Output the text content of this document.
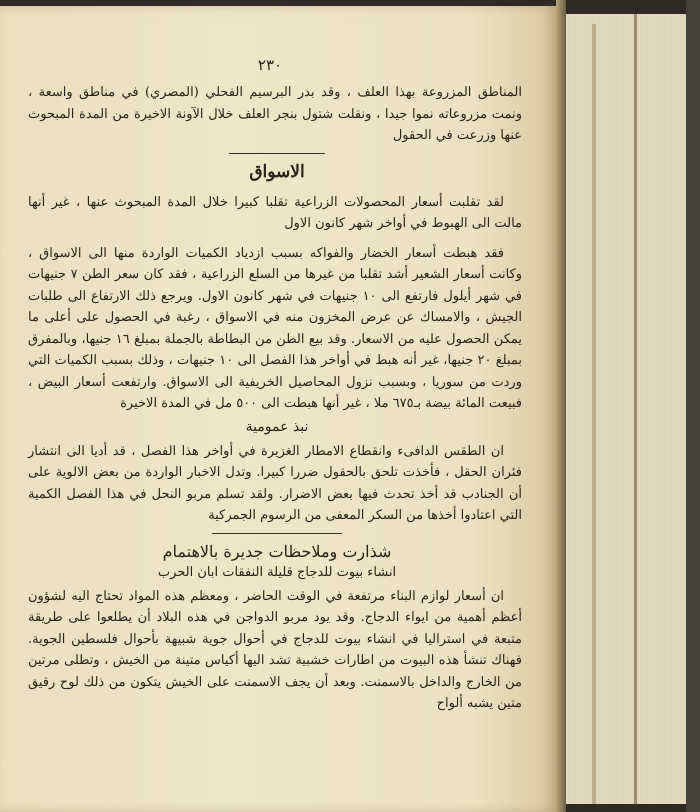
٢٣٠

المناطق المزروعة بهذا العلف ، وقد بدر البرسيم الفحلي (المصري) في مناطق واسعة ، ونمت مزروعاته نموا جيدا ، ونقلت شتول بنجر العلف خلال الآونة الاخيرة من المدة المبحوث عنها وزرعت في الحقول

الاسواق

لقد تقلبت أسعار المحصولات الزراعية تقلبا كبيرا خلال المدة المبحوث عنها ، غير أنها مالت الى الهبوط في أواخر شهر كانون الاول

فقد هبطت أسعار الخضار والفواكه بسبب ازدياد الكميات الواردة منها الى الاسواق ، وكانت أسعار الشعير أشد تقلبا من غيرها من السلع الزراعية ، فقد كان سعر الطن ٧ جنيهات في شهر أيلول فارتفع الى ١٠ جنيهات في شهر كانون الاول. ويرجع ذلك الارتفاع الى طلبات الجيش ، والامساك عن عرض المخزون منه في الاسواق ، رغبة في الحصول على أعلى ما يمكن الحصول عليه من الاسعار. وقد بيع الطن من البطاطة بالجملة بمبلغ ١٦ جنيها، وبالمفرق بمبلغ ٢٠ جنيها، غير أنه هبط في أواخر هذا الفصل الى ١٠ جنيهات ، وذلك بسبب الكميات التي وردت من سوريا ، وبسبب نزول المحاصيل الخريفية الى الاسواق. وارتفعت أسعار البيض ، فبيعت المائة بيضة بـ٦٧٥ ملا ، غير أنها هبطت الى ٥٠٠ مل في المدة الاخيرة

نبذ عمومية

ان الطقس الدافىء وانقطاع الامطار الغزيرة في أواخر هذا الفصل ، قد أديا الى انتشار فئران الحقل ، فأخذت تلحق بالحقول ضررا كبيرا. وتدل الاخبار الواردة من بعض الالوية على أن الجنادب قد أخذ تحدث فيها بعض الاضرار. ولقد تسلم مربو النحل في هذا الفصل الكمية التي اعتادوا أخذها من السكر المعفى من الرسوم الجمركية

شذارت وملاحظات جديرة بالاهتمام
انشاء بيوت للدجاج قليلة النفقات ابان الحرب

ان أسعار لوازم البناء مرتفعة في الوقت الحاضر ، ومعظم هذه المواد تحتاج اليه لشؤون أعظم أهمية من ايواء الدجاج. وقد يود مربو الدواجن في هذه البلاد أن يطلعوا على طريقة متبعة في استراليا في انشاء بيوت للدجاج في أحوال جوية شبيهة بأحوال فلسطين الجوية. فهناك تنشأ هذه البيوت من اطارات خشبية تشد اليها أكياس متينة من الخيش ، وتطلى مرتين من الخارج والداخل بالاسمنت. وبعد أن يجف الاسمنت على الخيش يتكون من ذلك لوح رقيق متين يشبه ألواح
